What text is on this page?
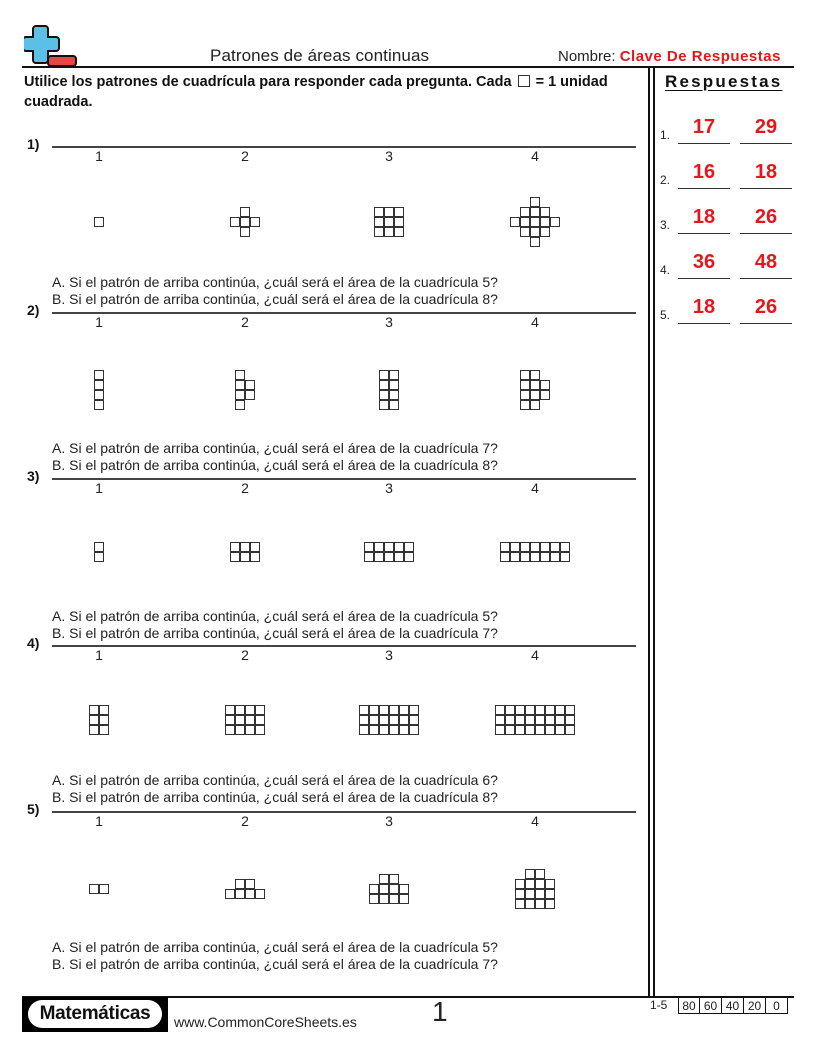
Patrones de áreas continuas	Nombre: Clave De Respuestas
Utilice los patrones de cuadrícula para responder cada pregunta. Cada = 1 unidad cuadrada.
Respuestas
1.	17	29
2.	16	18
3.	18	26
4.	36	48
5.	18	26
1)
1	2	3	4
A. Si el patrón de arriba continúa, ¿cuál será el área de la cuadrícula 5?
B. Si el patrón de arriba continúa, ¿cuál será el área de la cuadrícula 8?
2)
1	2	3	4
A. Si el patrón de arriba continúa, ¿cuál será el área de la cuadrícula 7?
B. Si el patrón de arriba continúa, ¿cuál será el área de la cuadrícula 8?
3)
1	2	3	4
A. Si el patrón de arriba continúa, ¿cuál será el área de la cuadrícula 5?
B. Si el patrón de arriba continúa, ¿cuál será el área de la cuadrícula 7?
4)
1	2	3	4
A. Si el patrón de arriba continúa, ¿cuál será el área de la cuadrícula 6?
B. Si el patrón de arriba continúa, ¿cuál será el área de la cuadrícula 8?
5)
1	2	3	4
A. Si el patrón de arriba continúa, ¿cuál será el área de la cuadrícula 5?
B. Si el patrón de arriba continúa, ¿cuál será el área de la cuadrícula 7?
Matemáticas	www.CommonCoreSheets.es	1	1-5	80 60 40 20 0
